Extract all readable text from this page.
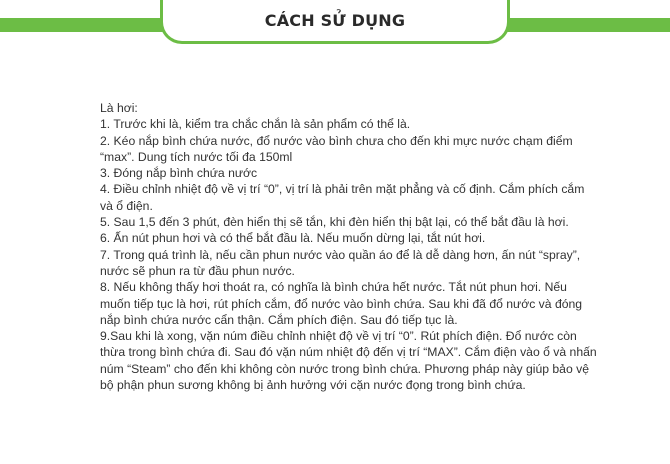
CÁCH SỬ DỤNG

Là hơi:

1. Trước khi là, kiểm tra chắc chắn là sản phẩm có thể là.

2. Kéo nắp bình chứa nước, đổ nước vào bình chưa cho đến khi mực nước chạm điểm “max”. Dung tích nước tối đa 150ml

3. Đóng nắp bình chứa nước

4. Điều chỉnh nhiệt độ về vị trí “0”, vị trí là phải trên mặt phẳng và cố định. Cắm phích cắm và ổ điện.

5. Sau 1,5 đến 3 phút, đèn hiển thị sẽ tắn, khi đèn hiển thị bật lại, có thể bắt đầu là hơi.

6. Ấn nút phun hơi và có thể bắt đầu là. Nếu muốn dừng lại, tắt nút hơi.

7. Trong quá trình là, nếu cần phun nước vào quần áo để là dễ dàng hơn, ấn nút “spray”, nước sẽ phun ra từ đầu phun nước.

8. Nếu không thấy hơi thoát ra, có nghĩa là bình chứa hết nước. Tắt nút phun hơi. Nếu muốn tiếp tục là hơi, rút phích cắm, đổ nước vào bình chứa. Sau khi đã đổ nước và đóng nắp bình chứa nước cẩn thận. Cắm phích điện. Sau đó tiếp tục là.

9.Sau khi là xong, vặn núm điều chỉnh nhiệt độ về vị trí “0”. Rút phích điện. Đổ nước còn thừa trong bình chứa đi. Sau đó vặn núm nhiệt độ đến vị trí “MAX”. Cắm điện vào ổ và nhấn núm “Steam” cho đến khi không còn nước trong bình chứa. Phương pháp này giúp bảo vệ bộ phận phun sương không bị ảnh hưởng với cặn nước đọng trong bình chứa.
